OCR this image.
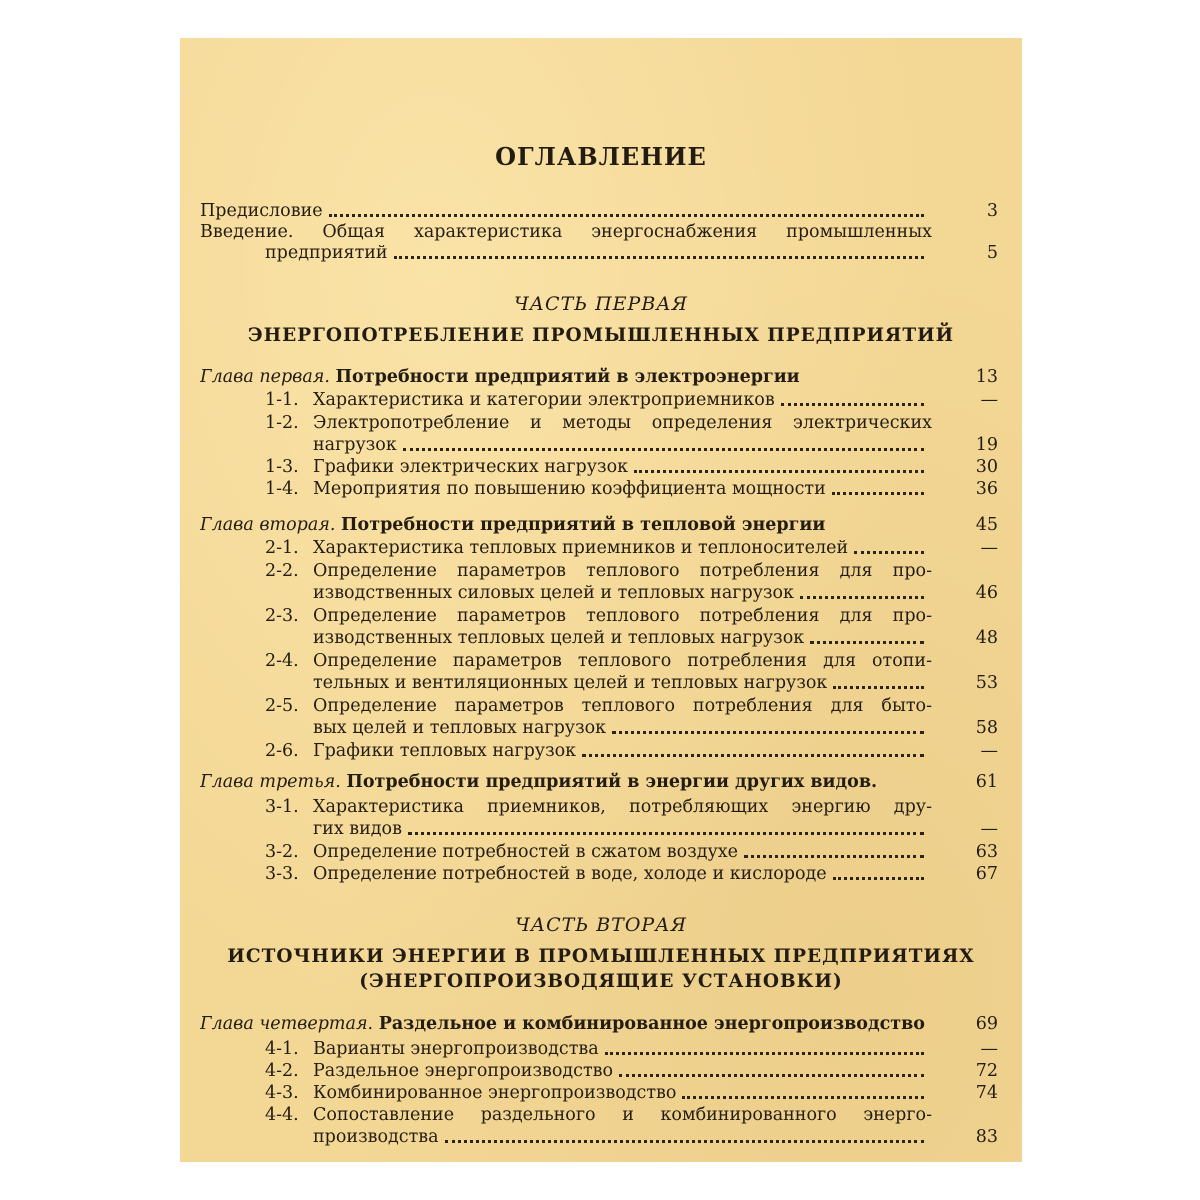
ОГЛАВЛЕНИЕ
Предисловие	3
Введение. Общая характеристика энергоснабжения промышленных
предприятий	5
ЧАСТЬ ПЕРВАЯ
ЭНЕРГОПОТРЕБЛЕНИЕ ПРОМЫШЛЕННЫХ ПРЕДПРИЯТИЙ
Глава первая. Потребности предприятий в электроэнергии	13
1-1. Характеристика и категории электроприемников	—
1-2. Электропотребление и методы определения электрических
нагрузок	19
1-3. Графики электрических нагрузок	30
1-4. Мероприятия по повышению коэффициента мощности	36
Глава вторая. Потребности предприятий в тепловой энергии	45
2-1. Характеристика тепловых приемников и теплоносителей	—
2-2. Определение параметров теплового потребления для про-
изводственных силовых целей и тепловых нагрузок	46
2-3. Определение параметров теплового потребления для про-
изводственных тепловых целей и тепловых нагрузок	48
2-4. Определение параметров теплового потребления для отопи-
тельных и вентиляционных целей и тепловых нагрузок	53
2-5. Определение параметров теплового потребления для быто-
вых целей и тепловых нагрузок	58
2-6. Графики тепловых нагрузок	—
Глава третья. Потребности предприятий в энергии других видов.	61
3-1. Характеристика приемников, потребляющих энергию дру-
гих видов	—
3-2. Определение потребностей в сжатом воздухе	63
3-3. Определение потребностей в воде, холоде и кислороде	67
ЧАСТЬ ВТОРАЯ
ИСТОЧНИКИ ЭНЕРГИИ В ПРОМЫШЛЕННЫХ ПРЕДПРИЯТИЯХ
(ЭНЕРГОПРОИЗВОДЯЩИЕ УСТАНОВКИ)
Глава четвертая. Раздельное и комбинированное энергопроизводство	69
4-1. Варианты энергопроизводства	—
4-2. Раздельное энергопроизводство	72
4-3. Комбинированное энергопроизводство	74
4-4. Сопоставление раздельного и комбинированного энерго-
производства	83
